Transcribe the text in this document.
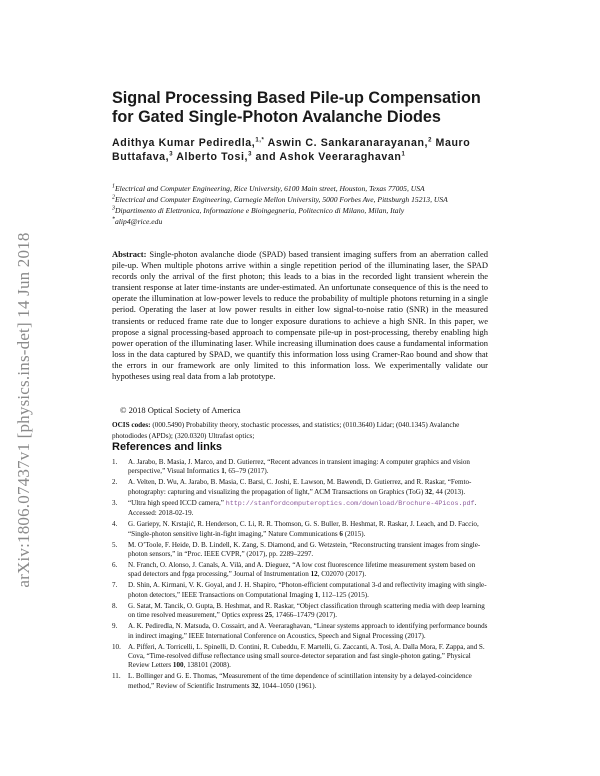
arXiv:1806.07437v1 [physics.ins-det] 14 Jun 2018
Signal Processing Based Pile-up Compensation for Gated Single-Photon Avalanche Diodes

Adithya Kumar Pediredla,$^{1,*}$ Aswin C. Sankaranarayanan,$^2$ Mauro Buttafava,$^3$ Alberto Tosi,$^3$ and Ashok Veeraraghavan$^1$

$^1$Electrical and Computer Engineering, Rice University, 6100 Main street, Houston, Texas 77005, USA
$^2$Electrical and Computer Engineering, Carnegie Mellon University, 5000 Forbes Ave, Pittsburgh 15213, USA
$^3$Dipartimento di Elettronica, Informazione e Bioingegneria, Politecnico di Milano, Milan, Italy
*alip4@rice.edu

Abstract: Single-photon avalanche diode (SPAD) based transient imaging suffers from an aberration called pile-up. When multiple photons arrive within a single repetition period of the illuminating laser, the SPAD records only the arrival of the first photon; this leads to a bias in the recorded light transient wherein the transient response at later time-instants are under-estimated. An unfortunate consequence of this is the need to operate the illumination at low-power levels to reduce the probability of multiple photons returning in a single period. Operating the laser at low power results in either low signal-to-noise ratio (SNR) in the measured transients or reduced frame rate due to longer exposure durations to achieve a high SNR. In this paper, we propose a signal processing-based approach to compensate pile-up in post-processing, thereby enabling high power operation of the illuminating laser. While increasing illumination does cause a fundamental information loss in the data captured by SPAD, we quantify this information loss using Cramer-Rao bound and show that the errors in our framework are only limited to this information loss. We experimentally validate our hypotheses using real data from a lab prototype.

© 2018 Optical Society of America

OCIS codes: (000.5490) Probability theory, stochastic processes, and statistics; (010.3640) Lidar; (040.1345) Avalanche photodiodes (APDs); (320.0320) Ultrafast optics;

References and links
1. A. Jarabo, B. Masia, J. Marco, and D. Gutierrez, “Recent advances in transient imaging: A computer graphics and vision perspective,” Visual Informatics 1, 65–79 (2017).
2. A. Velten, D. Wu, A. Jarabo, B. Masia, C. Barsi, C. Joshi, E. Lawson, M. Bawendi, D. Gutierrez, and R. Raskar, “Femto-photography: capturing and visualizing the propagation of light,” ACM Transactions on Graphics (ToG) 32, 44 (2013).
3. “Ultra high speed ICCD camera,” http://stanfordcomputeroptics.com/download/Brochure-4Picos.pdf. Accessed: 2018-02-19.
4. G. Gariepy, N. Krstajić, R. Henderson, C. Li, R. R. Thomson, G. S. Buller, B. Heshmat, R. Raskar, J. Leach, and D. Faccio, “Single-photon sensitive light-in-fight imaging,” Nature Communications 6 (2015).
5. M. O’Toole, F. Heide, D. B. Lindell, K. Zang, S. Diamond, and G. Wetzstein, “Reconstructing transient images from single-photon sensors,” in “Proc. IEEE CVPR,” (2017), pp. 2289–2297.
6. N. Franch, O. Alonso, J. Canals, A. Vilà, and A. Dieguez, “A low cost fluorescence lifetime measurement system based on spad detectors and fpga processing,” Journal of Instrumentation 12, C02070 (2017).
7. D. Shin, A. Kirmani, V. K. Goyal, and J. H. Shapiro, “Photon-efficient computational 3-d and reflectivity imaging with single-photon detectors,” IEEE Transactions on Computational Imaging 1, 112–125 (2015).
8. G. Satat, M. Tancik, O. Gupta, B. Heshmat, and R. Raskar, “Object classification through scattering media with deep learning on time resolved measurement,” Optics express 25, 17466–17479 (2017).
9. A. K. Pediredla, N. Matsuda, O. Cossairt, and A. Veeraraghavan, “Linear systems approach to identifying performance bounds in indirect imaging,” IEEE International Conference on Acoustics, Speech and Signal Processing (2017).
10. A. Pifferi, A. Torricelli, L. Spinelli, D. Contini, R. Cubeddu, F. Martelli, G. Zaccanti, A. Tosi, A. Dalla Mora, F. Zappa, and S. Cova, “Time-resolved diffuse reflectance using small source-detector separation and fast single-photon gating,” Physical Review Letters 100, 138101 (2008).
11. L. Bollinger and G. E. Thomas, “Measurement of the time dependence of scintillation intensity by a delayed-coincidence method,” Review of Scientific Instruments 32, 1044–1050 (1961).
